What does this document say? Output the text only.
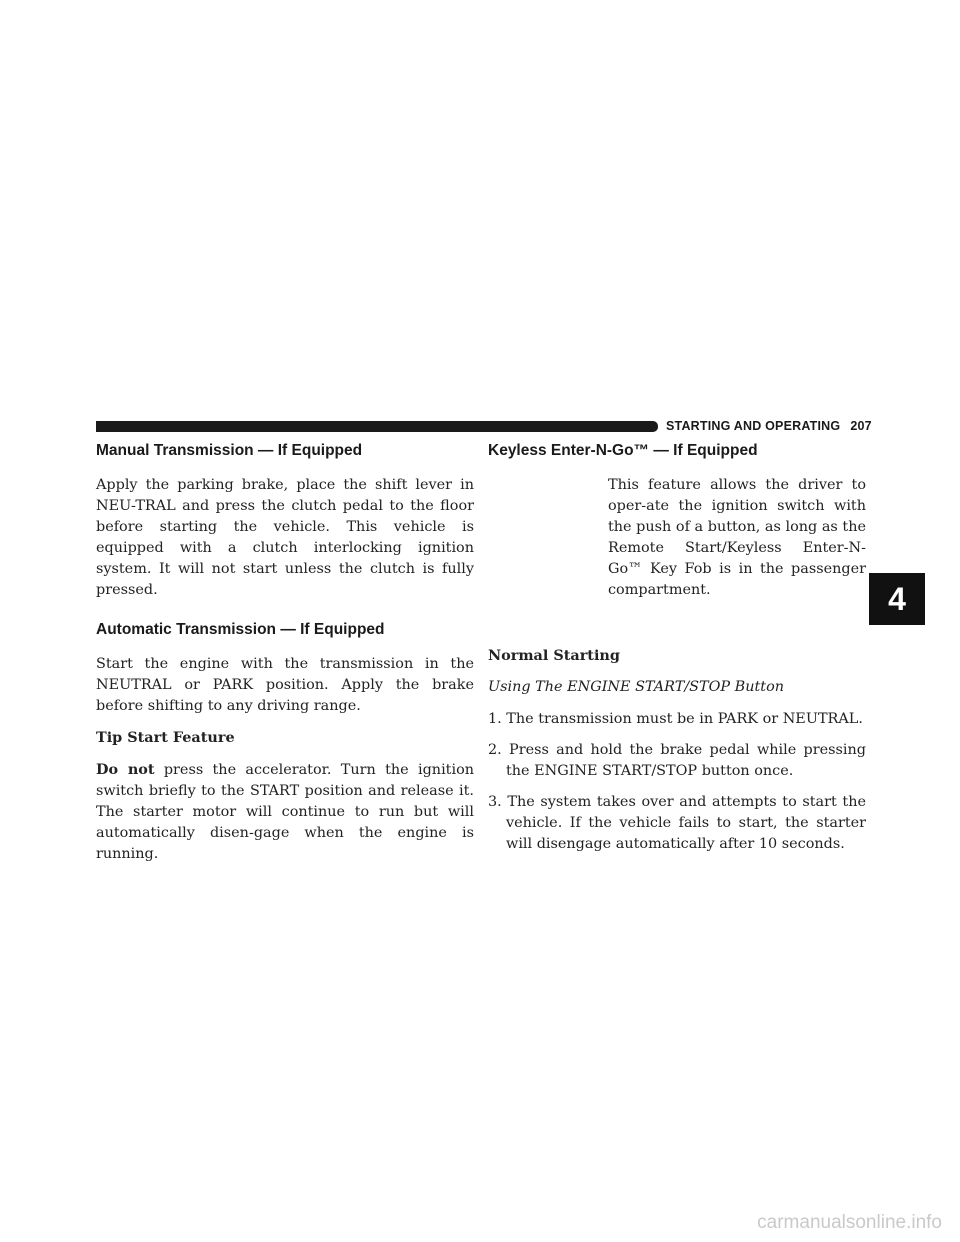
STARTING AND OPERATING 207
Manual Transmission — If Equipped

Apply the parking brake, place the shift lever in NEU-TRAL and press the clutch pedal to the floor before starting the vehicle. This vehicle is equipped with a clutch interlocking ignition system. It will not start unless the clutch is fully pressed.

Automatic Transmission — If Equipped

Start the engine with the transmission in the NEUTRAL or PARK position. Apply the brake before shifting to any driving range.

Tip Start Feature

Do not press the accelerator. Turn the ignition switch briefly to the START position and release it. The starter motor will continue to run but will automatically disen-gage when the engine is running.

Keyless Enter-N-Go™ — If Equipped

This feature allows the driver to oper-ate the ignition switch with the push of a button, as long as the Remote Start/Keyless Enter-N-Go™ Key Fob is in the passenger compartment.

Normal Starting

Using The ENGINE START/STOP Button

1. The transmission must be in PARK or NEUTRAL.
2. Press and hold the brake pedal while pressing the ENGINE START/STOP button once.
3. The system takes over and attempts to start the vehicle. If the vehicle fails to start, the starter will disengage automatically after 10 seconds.
4
carmanualsonline.info
